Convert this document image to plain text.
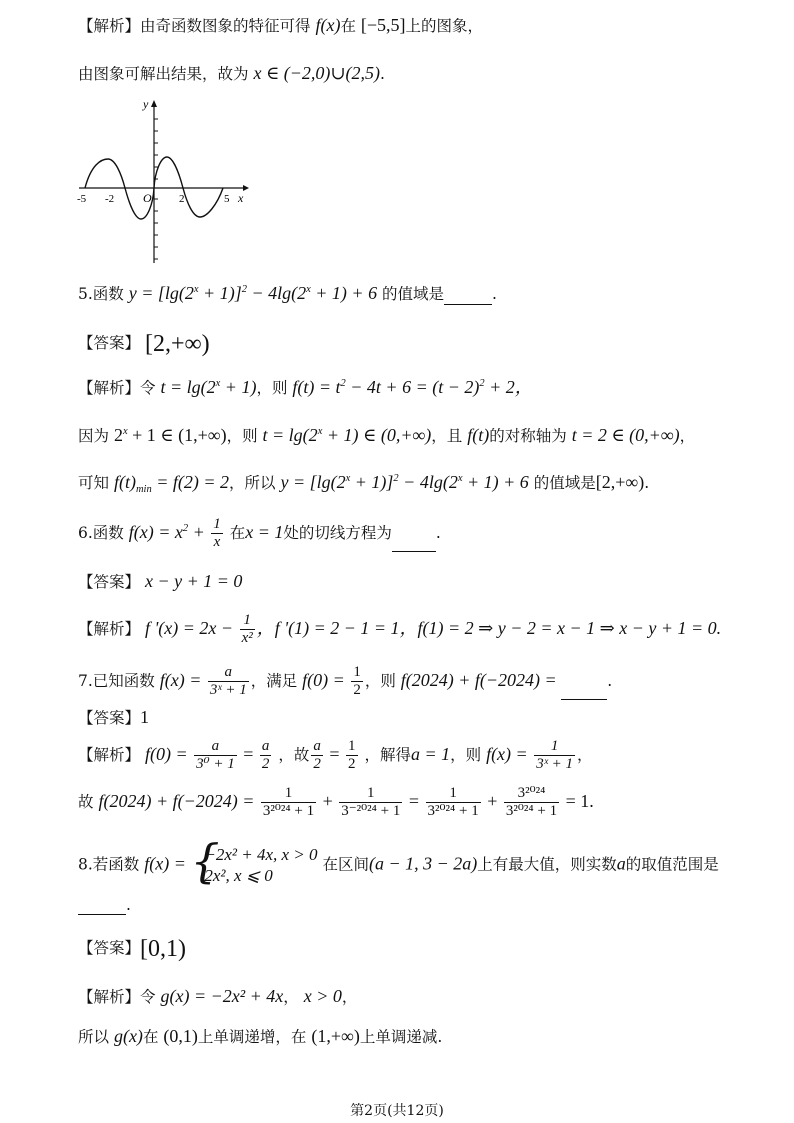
【解析】由奇函数图象的特征可得 f(x)在 [−5,5]上的图象，
由图象可解出结果，故为 x ∈ (−2,0)∪(2,5).
-5 -2 O 2	5 x
y
5.函数 $y = [\lg(2^x + 1)]^2 - 4\lg(2^x + 1) + 6$ 的值域是	.
【答案】 [2,+∞)
【解析】令 $t = \lg(2^x + 1)$，则 $f(t) = t^2 - 4t + 6 = (t - 2)^2 + 2$，
因为 $2^x + 1$ ∈ (1,+∞)，则 $t = \lg(2^x + 1)$ ∈ (0,+∞)，且 f(t)的对称轴为 t = 2 ∈ (0,+∞)，
可知 $f(t)_{min} = f(2) = 2$，所以 $y = [\lg(2^x + 1)]^2 - 4\lg(2^x + 1) + 6$ 的值域是[2,+∞).
6.函数 $f(x) = x^2 + \frac{1}{x}$ 在x = 1处的切线方程为	.
【答案】 x − y + 1 = 0
【解析】 f '$(x) = 2x - \frac{1}{\text{x²}}$ ，f '(1) = 2 − 1 = 1，f(1) = 2 ⇒ y − 2 = x − 1 ⇒ x − y + 1 = 0.
7.已知函数 $f(x) = \frac{a}{\text{3ˣ + 1}}$ ，满足 $f(0) = \frac{1}{2}$ ，则 f(2024) + f(−2024) =	.
【答案】1
【解析】 $f(0) = \frac{a}{\text{3⁰ + 1}} = \frac{a}{2}$ ，故 $\frac{a}{2} = \frac{1}{2}$ ，解得a = 1，则 $f(x) = \frac{1}{\text{3ˣ + 1}}$ ，
故 $f(2024) + f(-2024) = \frac{1}{\text{3²⁰²⁴ + 1}} + \frac{1}{\text{3⁻²⁰²⁴ + 1}} = \frac{1}{\text{3²⁰²⁴ + 1}} + \frac{\text{3²⁰²⁴}}{\text{3²⁰²⁴ + 1}} = 1$.
8.若函数 f(x) = {
−2x² + 4x, x > 0
2x², x ⩽ 0
在区间(a − 1, 3 − 2a)上有最大值，则实数a的取值范围是
.
【答案】[0,1)
【解析】令 g(x) = −2x² + 4x， x > 0，
所以 g(x)在 (0,1)上单调递增，在 (1,+∞)上单调递减.
第2页(共12页)
